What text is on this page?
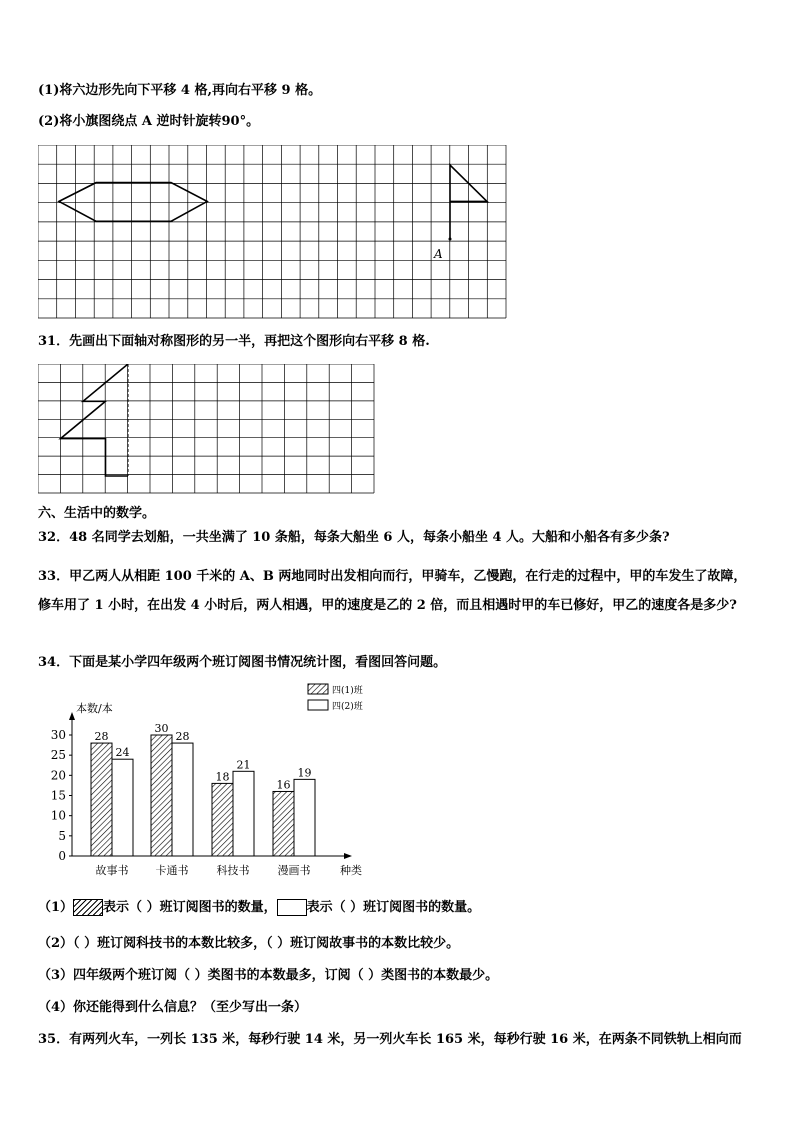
(1)将六边形先向下平移 4 格,再向右平移 9 格。
(2)将小旗图绕点 A 逆时针旋转90°。
A
31．先画出下面轴对称图形的另一半，再把这个图形向右平移 8 格.
六、生活中的数学。
32．48 名同学去划船，一共坐满了 10 条船，每条大船坐 6 人，每条小船坐 4 人。大船和小船各有多少条?
33．甲乙两人从相距 100 千米的 A、B 两地同时出发相向而行，甲骑车，乙慢跑，在行走的过程中，甲的车发生了故障，修车用了 1 小时，在出发 4 小时后，两人相遇，甲的速度是乙的 2 倍，而且相遇时甲的车已修好，甲乙的速度各是多少?
34．下面是某小学四年级两个班订阅图书情况统计图，看图回答问题。
本数/本
种类
0
5
10
15
20
25
30	28
24
故事书
30
28
卡通书
18
21
科技书
16
19
漫画书
四(1)班
四(2)班
（1） 表示（ ）班订阅图书的数量， 表示（ ）班订阅图书的数量。
（2）（ ）班订阅科技书的本数比较多，（ ）班订阅故事书的本数比较少。
（3）四年级两个班订阅（ ）类图书的本数最多，订阅（ ）类图书的本数最少。
（4）你还能得到什么信息？（至少写出一条）
35．有两列火车，一列长 135 米，每秒行驶 14 米，另一列火车长 165 米，每秒行驶 16 米，在两条不同铁轨上相向而
